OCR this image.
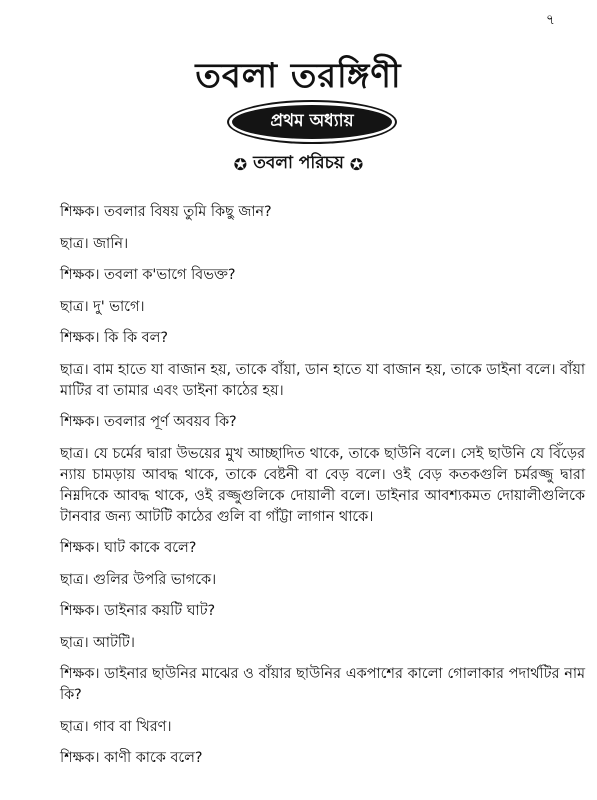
৭
তবলা তরঙ্গিণী
প্রথম অধ্যায়
✪ তবলা পরিচয় ✪

শিক্ষক। তবলার বিষয় তুমি কিছু জান?

ছাত্র। জানি।

শিক্ষক। তবলা ক'ভাগে বিভক্ত?

ছাত্র। দু' ভাগে।

শিক্ষক। কি কি বল?

ছাত্র। বাম হাতে যা বাজান হয়, তাকে বাঁয়া, ডান হাতে যা বাজান হয়, তাকে ডাইনা বলে। বাঁয়া মাটির বা তামার এবং ডাইনা কাঠের হয়।

শিক্ষক। তবলার পূর্ণ অবয়ব কি?

ছাত্র। যে চর্মের দ্বারা উভয়ের মুখ আচ্ছাদিত থাকে, তাকে ছাউনি বলে। সেই ছাউনি যে বিঁড়ের ন্যায় চামড়ায় আবদ্ধ থাকে, তাকে বেষ্টনী বা বেড় বলে। ওই বেড় কতকগুলি চর্মরজ্জু দ্বারা নিম্নদিকে আবদ্ধ থাকে, ওই রজ্জুগুলিকে দোয়ালী বলে। ডাইনার আবশ্যকমত দোয়ালীগুলিকে টানবার জন্য আটটি কাঠের গুলি বা গাঁট্টা লাগান থাকে।

শিক্ষক। ঘাট কাকে বলে?

ছাত্র। গুলির উপরি ভাগকে।

শিক্ষক। ডাইনার কয়টি ঘাট?

ছাত্র। আটটি।

শিক্ষক। ডাইনার ছাউনির মাঝের ও বাঁয়ার ছাউনির একপাশের কালো গোলাকার পদার্থটির নাম কি?

ছাত্র। গাব বা খিরণ।

শিক্ষক। কাণী কাকে বলে?
